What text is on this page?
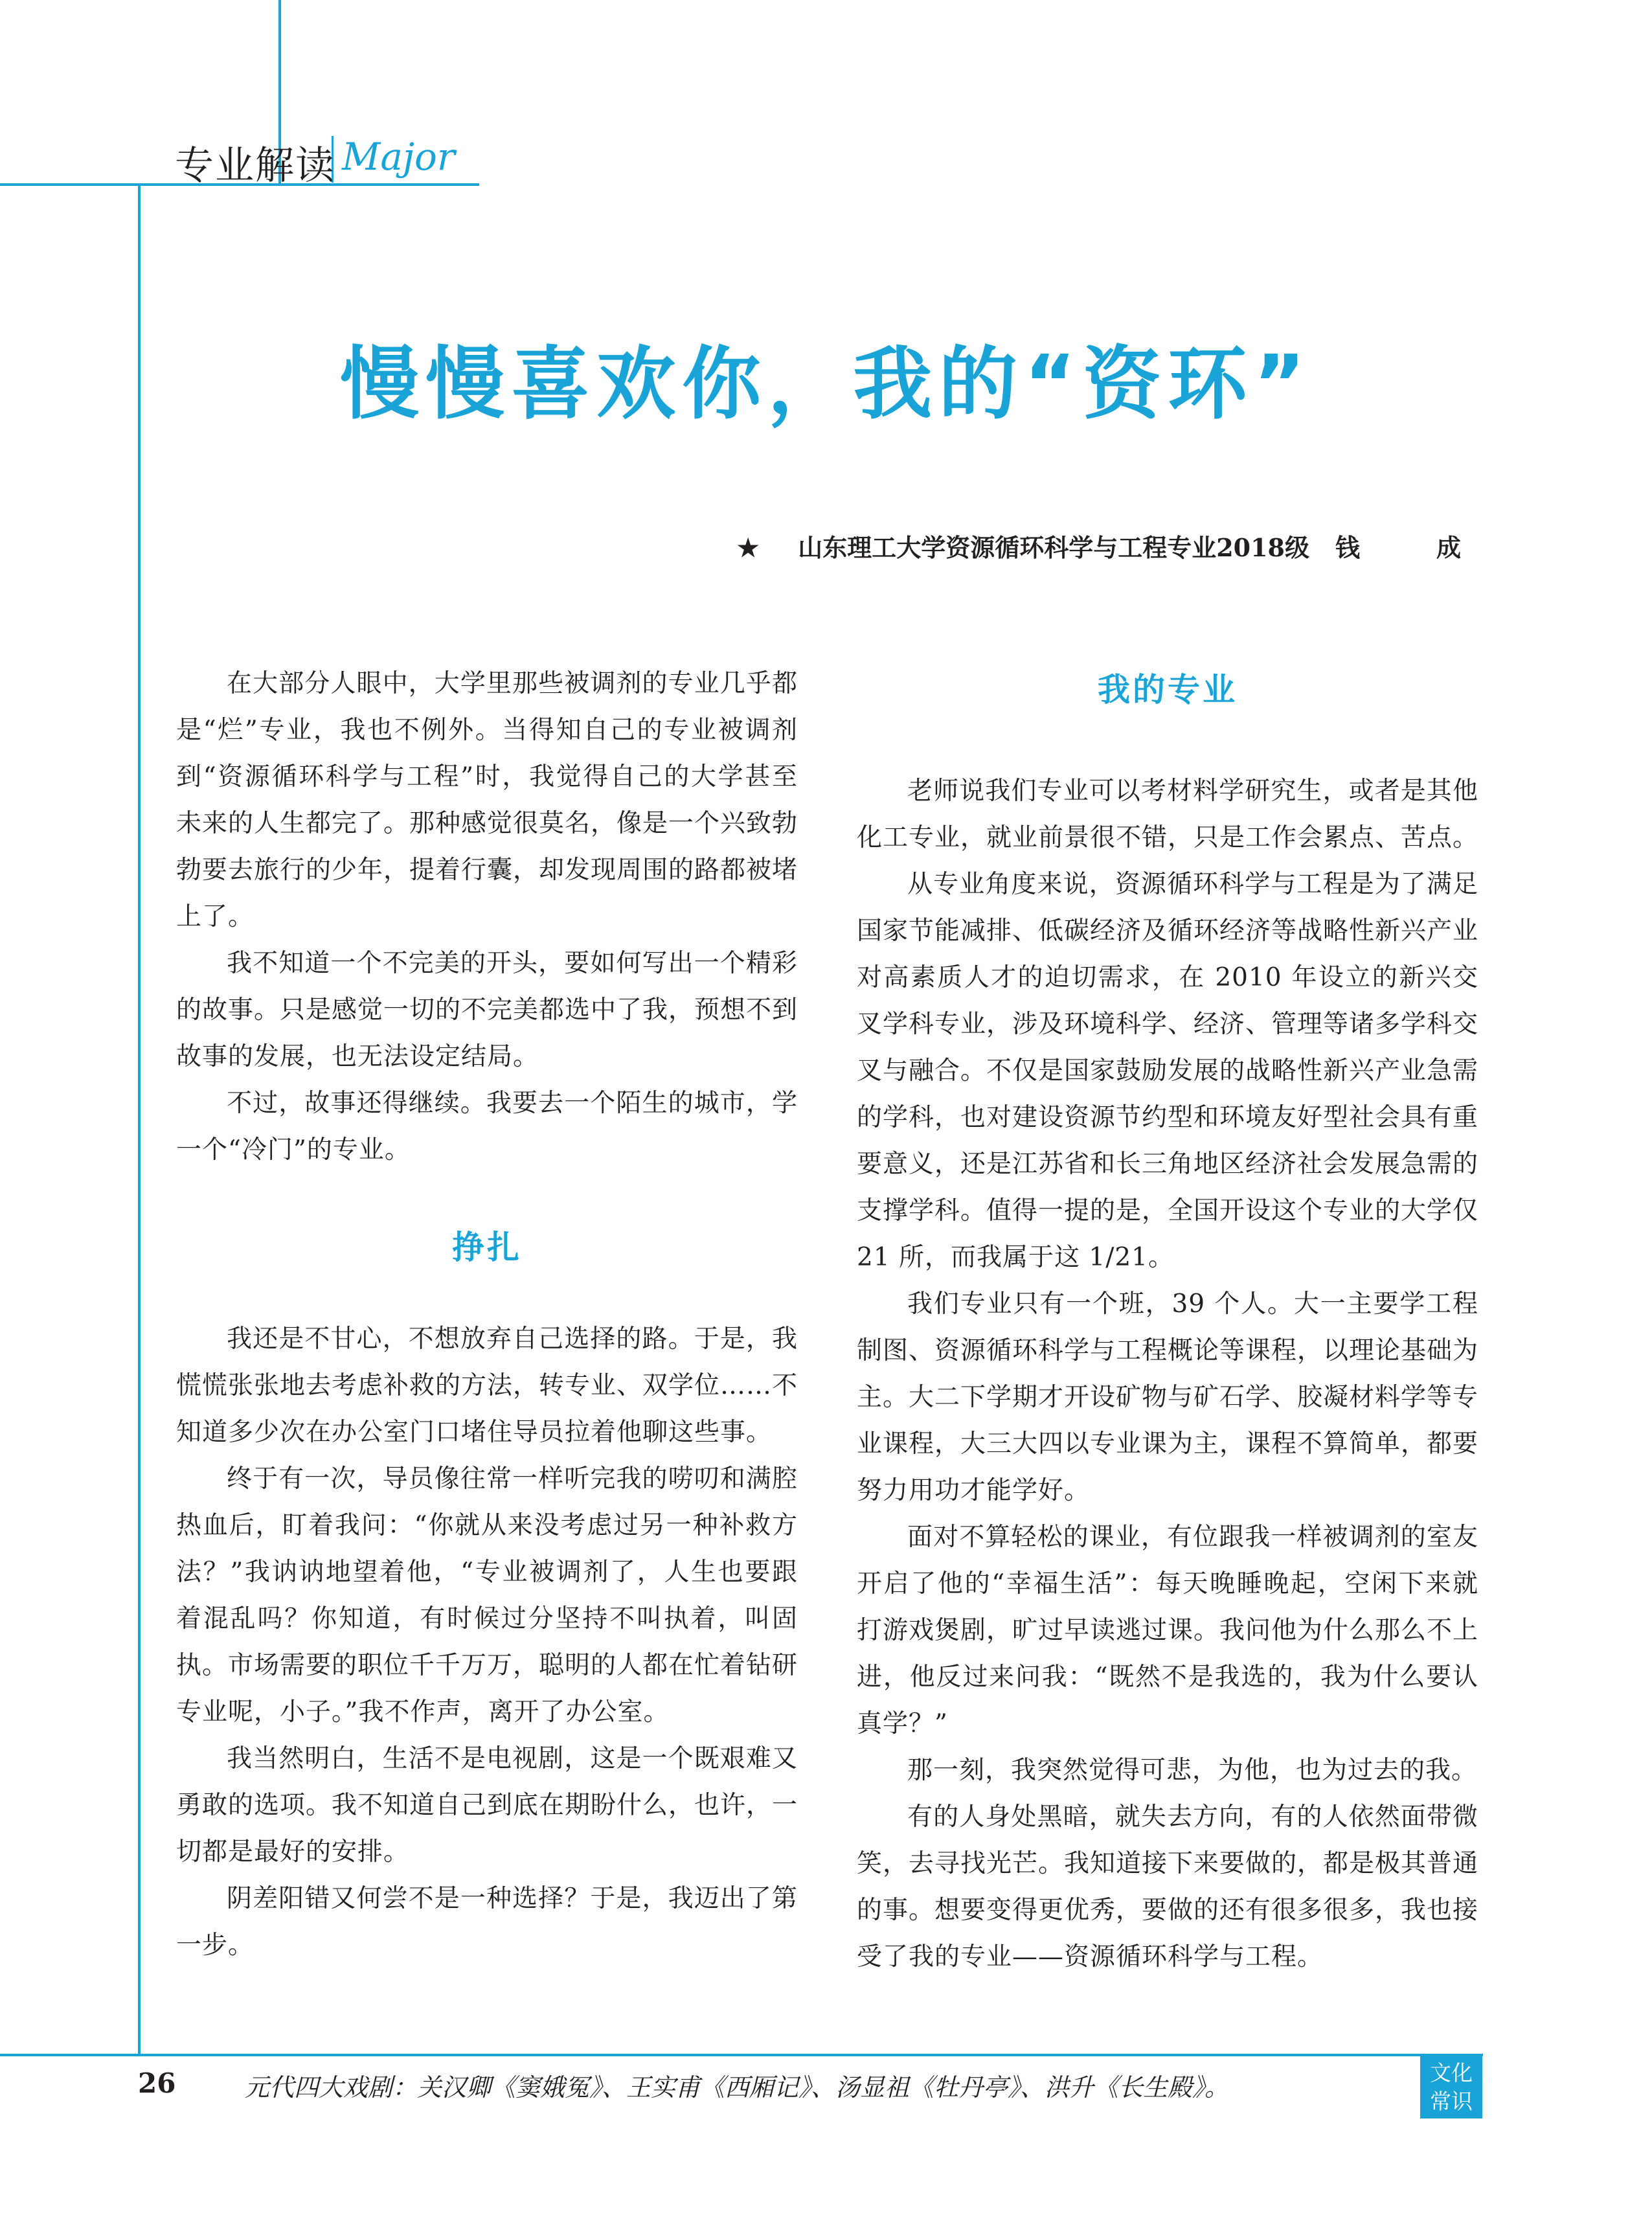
专业解读 Major
慢慢喜欢你，我的“资环”
★ 山东理工大学资源循环科学与工程专业2018级 钱　成

在大部分人眼中，大学里那些被调剂的专业几乎都是“烂”专业，我也不例外。当得知自己的专业被调剂到“资源循环科学与工程”时，我觉得自己的大学甚至未来的人生都完了。那种感觉很莫名，像是一个兴致勃勃要去旅行的少年，提着行囊，却发现周围的路都被堵上了。

我不知道一个不完美的开头，要如何写出一个精彩的故事。只是感觉一切的不完美都选中了我，预想不到故事的发展，也无法设定结局。

不过，故事还得继续。我要去一个陌生的城市，学一个“冷门”的专业。

挣扎

我还是不甘心，不想放弃自己选择的路。于是，我慌慌张张地去考虑补救的方法，转专业、双学位……不知道多少次在办公室门口堵住导员拉着他聊这些事。

终于有一次，导员像往常一样听完我的唠叨和满腔热血后，盯着我问：“你就从来没考虑过另一种补救方法？”我讷讷地望着他，“专业被调剂了，人生也要跟着混乱吗？你知道，有时候过分坚持不叫执着，叫固执。市场需要的职位千千万万，聪明的人都在忙着钻研专业呢，小子。”我不作声，离开了办公室。

我当然明白，生活不是电视剧，这是一个既艰难又勇敢的选项。我不知道自己到底在期盼什么，也许，一切都是最好的安排。

阴差阳错又何尝不是一种选择？于是，我迈出了第一步。

我的专业

老师说我们专业可以考材料学研究生，或者是其他化工专业，就业前景很不错，只是工作会累点、苦点。

从专业角度来说，资源循环科学与工程是为了满足国家节能减排、低碳经济及循环经济等战略性新兴产业对高素质人才的迫切需求，在 2010 年设立的新兴交叉学科专业，涉及环境科学、经济、管理等诸多学科交叉与融合。不仅是国家鼓励发展的战略性新兴产业急需的学科，也对建设资源节约型和环境友好型社会具有重要意义，还是江苏省和长三角地区经济社会发展急需的支撑学科。值得一提的是，全国开设这个专业的大学仅 21 所，而我属于这 1/21。

我们专业只有一个班，39 个人。大一主要学工程制图、资源循环科学与工程概论等课程，以理论基础为主。大二下学期才开设矿物与矿石学、胶凝材料学等专业课程，大三大四以专业课为主，课程不算简单，都要努力用功才能学好。

面对不算轻松的课业，有位跟我一样被调剂的室友开启了他的“幸福生活”：每天晚睡晚起，空闲下来就打游戏煲剧，旷过早读逃过课。我问他为什么那么不上进，他反过来问我：“既然不是我选的，我为什么要认真学？”

那一刻，我突然觉得可悲，为他，也为过去的我。

有的人身处黑暗，就失去方向，有的人依然面带微笑，去寻找光芒。我知道接下来要做的，都是极其普通的事。想要变得更优秀，要做的还有很多很多，我也接受了我的专业——资源循环科学与工程。

26	元代四大戏剧：关汉卿《窦娥冤》、王实甫《西厢记》、汤显祖《牡丹亭》、洪升《长生殿》。
文化
常识
